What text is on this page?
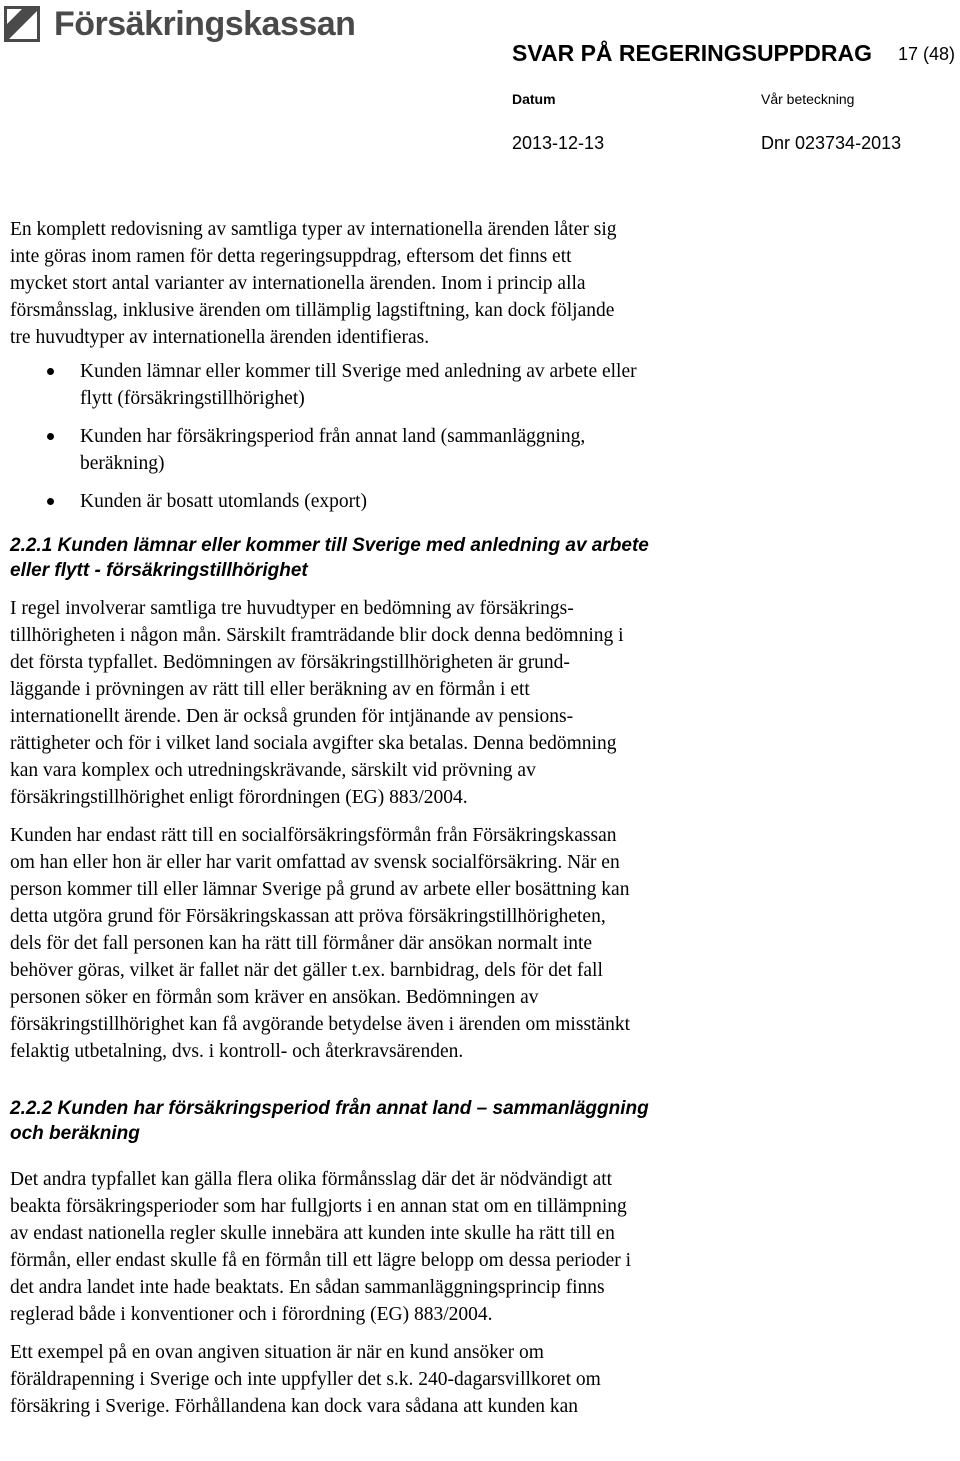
Försäkringskassan
SVAR PÅ REGERINGSUPPDRAG 17 (48)
Datum	Vår beteckning
2013-12-13	Dnr 023734-2013

En komplett redovisning av samtliga typer av internationella ärenden låter sig
inte göras inom ramen för detta regeringsuppdrag, eftersom det finns ett
mycket stort antal varianter av internationella ärenden. Inom i princip alla
försmånsslag, inklusive ärenden om tillämplig lagstiftning, kan dock följande
tre huvudtyper av internationella ärenden identifieras.

Kunden lämnar eller kommer till Sverige med anledning av arbete eller
flytt (försäkringstillhörighet)
Kunden har försäkringsperiod från annat land (sammanläggning,
beräkning)
Kunden är bosatt utomlands (export)
2.2.1 Kunden lämnar eller kommer till Sverige med anledning av arbete
eller flytt - försäkringstillhörighet

I regel involverar samtliga tre huvudtyper en bedömning av försäkrings-
tillhörigheten i någon mån. Särskilt framträdande blir dock denna bedömning i
det första typfallet. Bedömningen av försäkringstillhörigheten är grund-
läggande i prövningen av rätt till eller beräkning av en förmån i ett
internationellt ärende. Den är också grunden för intjänande av pensions-
rättigheter och för i vilket land sociala avgifter ska betalas. Denna bedömning
kan vara komplex och utredningskrävande, särskilt vid prövning av
försäkringstillhörighet enligt förordningen (EG) 883/2004.

Kunden har endast rätt till en socialförsäkringsförmån från Försäkringskassan
om han eller hon är eller har varit omfattad av svensk socialförsäkring. När en
person kommer till eller lämnar Sverige på grund av arbete eller bosättning kan
detta utgöra grund för Försäkringskassan att pröva försäkringstillhörigheten,
dels för det fall personen kan ha rätt till förmåner där ansökan normalt inte
behöver göras, vilket är fallet när det gäller t.ex. barnbidrag, dels för det fall
personen söker en förmån som kräver en ansökan. Bedömningen av
försäkringstillhörighet kan få avgörande betydelse även i ärenden om misstänkt
felaktig utbetalning, dvs. i kontroll- och återkravsärenden.

2.2.2 Kunden har försäkringsperiod från annat land – sammanläggning
och beräkning

Det andra typfallet kan gälla flera olika förmånsslag där det är nödvändigt att
beakta försäkringsperioder som har fullgjorts i en annan stat om en tillämpning
av endast nationella regler skulle innebära att kunden inte skulle ha rätt till en
förmån, eller endast skulle få en förmån till ett lägre belopp om dessa perioder i
det andra landet inte hade beaktats. En sådan sammanläggningsprincip finns
reglerad både i konventioner och i förordning (EG) 883/2004.

Ett exempel på en ovan angiven situation är när en kund ansöker om
föräldrapenning i Sverige och inte uppfyller det s.k. 240-dagarsvillkoret om
försäkring i Sverige. Förhållandena kan dock vara sådana att kunden kan
